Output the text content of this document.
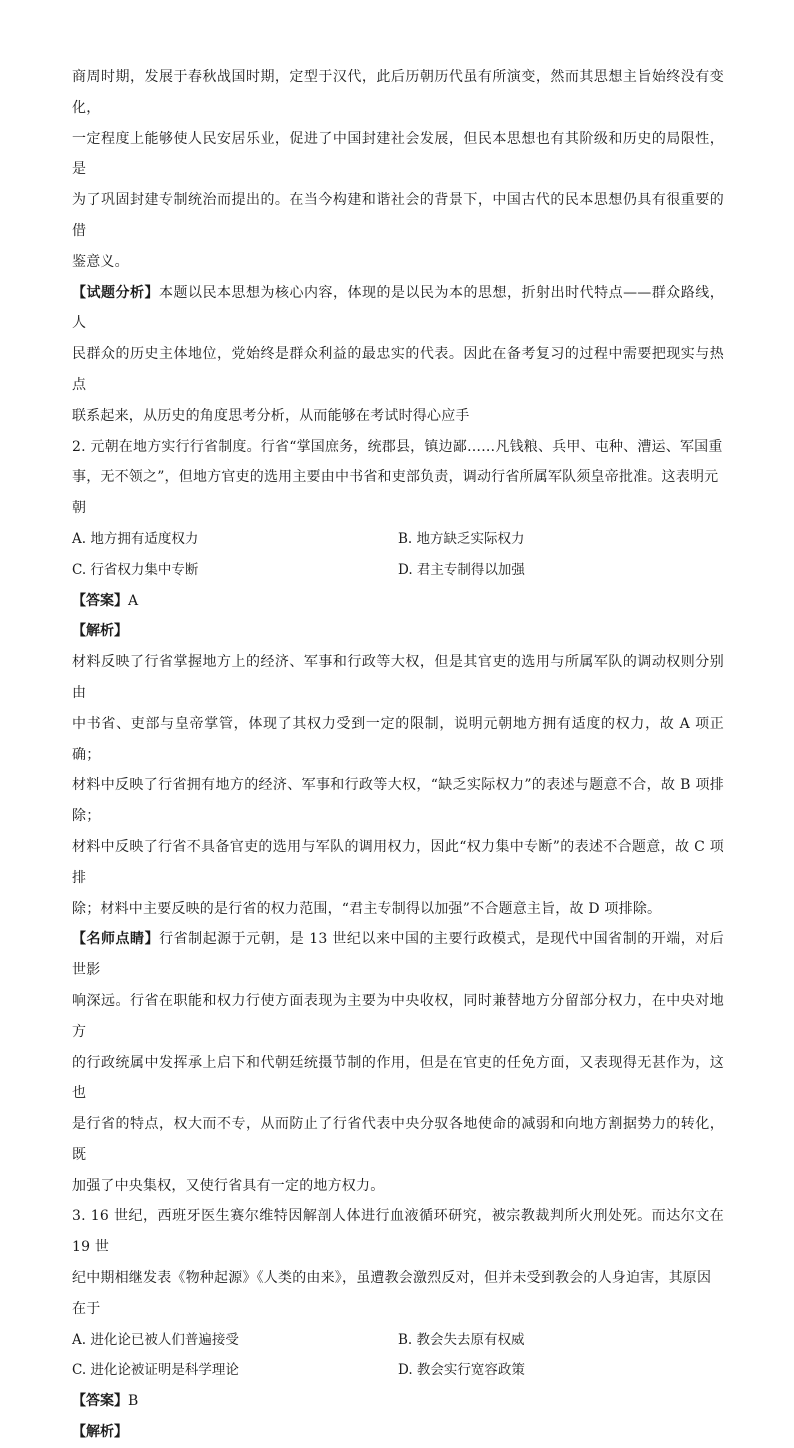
商周时期，发展于春秋战国时期，定型于汉代，此后历朝历代虽有所演变，然而其思想主旨始终没有变化，

一定程度上能够使人民安居乐业，促进了中国封建社会发展，但民本思想也有其阶级和历史的局限性，是

为了巩固封建专制统治而提出的。在当今构建和谐社会的背景下，中国古代的民本思想仍具有很重要的借

鉴意义。

【试题分析】本题以民本思想为核心内容，体现的是以民为本的思想，折射出时代特点——群众路线，人

民群众的历史主体地位，党始终是群众利益的最忠实的代表。因此在备考复习的过程中需要把现实与热点

联系起来，从历史的角度思考分析，从而能够在考试时得心应手

2. 元朝在地方实行行省制度。行省“掌国庶务，统郡县，镇边鄙……凡钱粮、兵甲、屯种、漕运、军国重

事，无不领之”，但地方官吏的选用主要由中书省和吏部负责，调动行省所属军队须皇帝批准。这表明元

朝

A. 地方拥有适度权力	B. 地方缺乏实际权力
C. 行省权力集中专断	D. 君主专制得以加强
【答案】A
【解析】

材料反映了行省掌握地方上的经济、军事和行政等大权，但是其官吏的选用与所属军队的调动权则分别由

中书省、吏部与皇帝掌管，体现了其权力受到一定的限制，说明元朝地方拥有适度的权力，故 A 项正确；

材料中反映了行省拥有地方的经济、军事和行政等大权，“缺乏实际权力”的表述与题意不合，故 B 项排除；

材料中反映了行省不具备官吏的选用与军队的调用权力，因此“权力集中专断”的表述不合题意，故 C 项排

除；材料中主要反映的是行省的权力范围，“君主专制得以加强”不合题意主旨，故 D 项排除。

【名师点睛】行省制起源于元朝，是 13 世纪以来中国的主要行政模式，是现代中国省制的开端，对后世影

响深远。行省在职能和权力行使方面表现为主要为中央收权，同时兼替地方分留部分权力，在中央对地方

的行政统属中发挥承上启下和代朝廷统摄节制的作用，但是在官吏的任免方面，又表现得无甚作为，这也

是行省的特点，权大而不专，从而防止了行省代表中央分驭各地使命的减弱和向地方割据势力的转化，既

加强了中央集权，又使行省具有一定的地方权力。

3. 16 世纪，西班牙医生赛尔维特因解剖人体进行血液循环研究，被宗教裁判所火刑处死。而达尔文在 19 世

纪中期相继发表《物种起源》《人类的由来》，虽遭教会激烈反对，但并未受到教会的人身迫害，其原因

在于

A. 进化论已被人们普遍接受	B. 教会失去原有权威
C. 进化论被证明是科学理论	D. 教会实行宽容政策
【答案】B
【解析】
